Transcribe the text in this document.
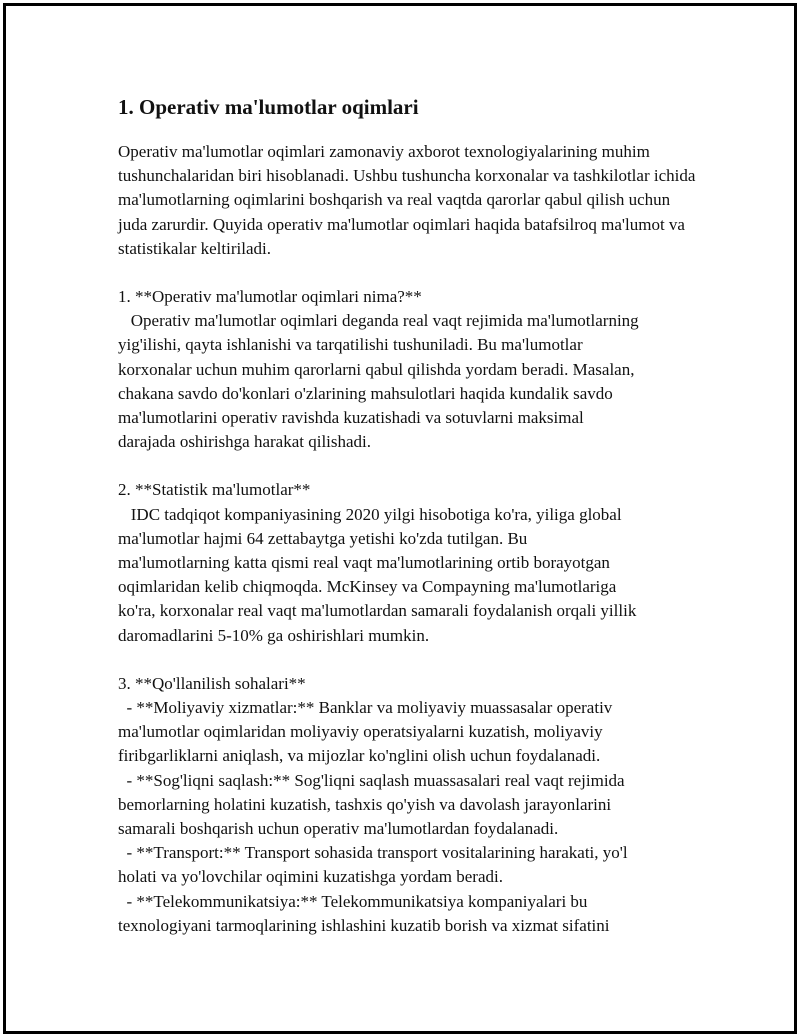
1. Operativ ma'lumotlar oqimlari

Operativ ma'lumotlar oqimlari zamonaviy axborot texnologiyalarining muhim tushunchalaridan biri hisoblanadi. Ushbu tushuncha korxonalar va tashkilotlar ichida ma'lumotlarning oqimlarini boshqarish va real vaqtda qarorlar qabul qilish uchun juda zarurdir. Quyida operativ ma'lumotlar oqimlari haqida batafsilroq ma'lumot va statistikalar keltiriladi.

1. **Operativ ma'lumotlar oqimlari nima?**
Operativ ma'lumotlar oqimlari deganda real vaqt rejimida ma'lumotlarning
yig'ilishi, qayta ishlanishi va tarqatilishi tushuniladi. Bu ma'lumotlar
korxonalar uchun muhim qarorlarni qabul qilishda yordam beradi. Masalan,
chakana savdo do'konlari o'zlarining mahsulotlari haqida kundalik savdo
ma'lumotlarini operativ ravishda kuzatishadi va sotuvlarni maksimal
darajada oshirishga harakat qilishadi.
2. **Statistik ma'lumotlar**
IDC tadqiqot kompaniyasining 2020 yilgi hisobotiga ko'ra, yiliga global
ma'lumotlar hajmi 64 zettabaytga yetishi ko'zda tutilgan. Bu
ma'lumotlarning katta qismi real vaqt ma'lumotlarining ortib borayotgan
oqimlaridan kelib chiqmoqda. McKinsey va Compayning ma'lumotlariga
ko'ra, korxonalar real vaqt ma'lumotlardan samarali foydalanish orqali yillik
daromadlarini 5-10% ga oshirishlari mumkin.
3. **Qo'llanilish sohalari**
- **Moliyaviy xizmatlar:** Banklar va moliyaviy muassasalar operativ
ma'lumotlar oqimlaridan moliyaviy operatsiyalarni kuzatish, moliyaviy
firibgarliklarni aniqlash, va mijozlar ko'nglini olish uchun foydalanadi.
- **Sog'liqni saqlash:** Sog'liqni saqlash muassasalari real vaqt rejimida
bemorlarning holatini kuzatish, tashxis qo'yish va davolash jarayonlarini
samarali boshqarish uchun operativ ma'lumotlardan foydalanadi.
- **Transport:** Transport sohasida transport vositalarining harakati, yo'l
holati va yo'lovchilar oqimini kuzatishga yordam beradi.
- **Telekommunikatsiya:** Telekommunikatsiya kompaniyalari bu
texnologiyani tarmoqlarining ishlashini kuzatib borish va xizmat sifatini
